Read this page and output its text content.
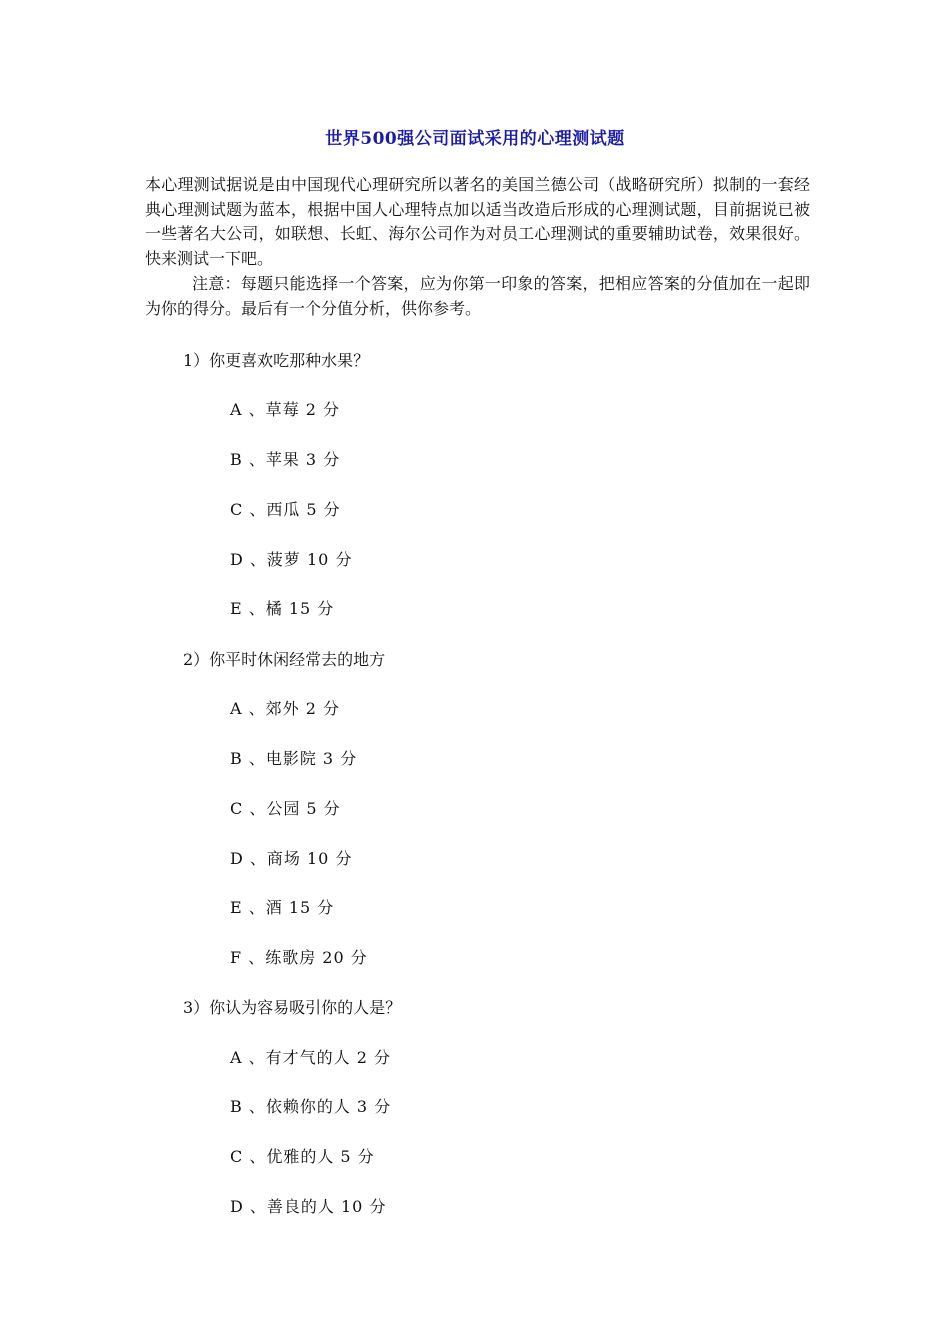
世界500强公司面试采用的心理测试题

本心理测试据说是由中国现代心理研究所以著名的美国兰德公司（战略研究所）拟制的一套经典心理测试题为蓝本，根据中国人心理特点加以适当改造后形成的心理测试题，目前据说已被一些著名大公司，如联想、长虹、海尔公司作为对员工心理测试的重要辅助试卷，效果很好。快来测试一下吧。

注意：每题只能选择一个答案，应为你第一印象的答案，把相应答案的分值加在一起即为你的得分。最后有一个分值分析，供你参考。

1）你更喜欢吃那种水果？
A 、草莓 2 分
B 、苹果 3 分
C 、西瓜 5 分
D 、菠萝 10 分
E 、橘 15 分
2）你平时休闲经常去的地方
A 、郊外 2 分
B 、电影院 3 分
C 、公园 5 分
D 、商场 10 分
E 、酒 15 分
F 、练歌房 20 分
3）你认为容易吸引你的人是？
A 、有才气的人 2 分
B 、依赖你的人 3 分
C 、优雅的人 5 分
D 、善良的人 10 分
